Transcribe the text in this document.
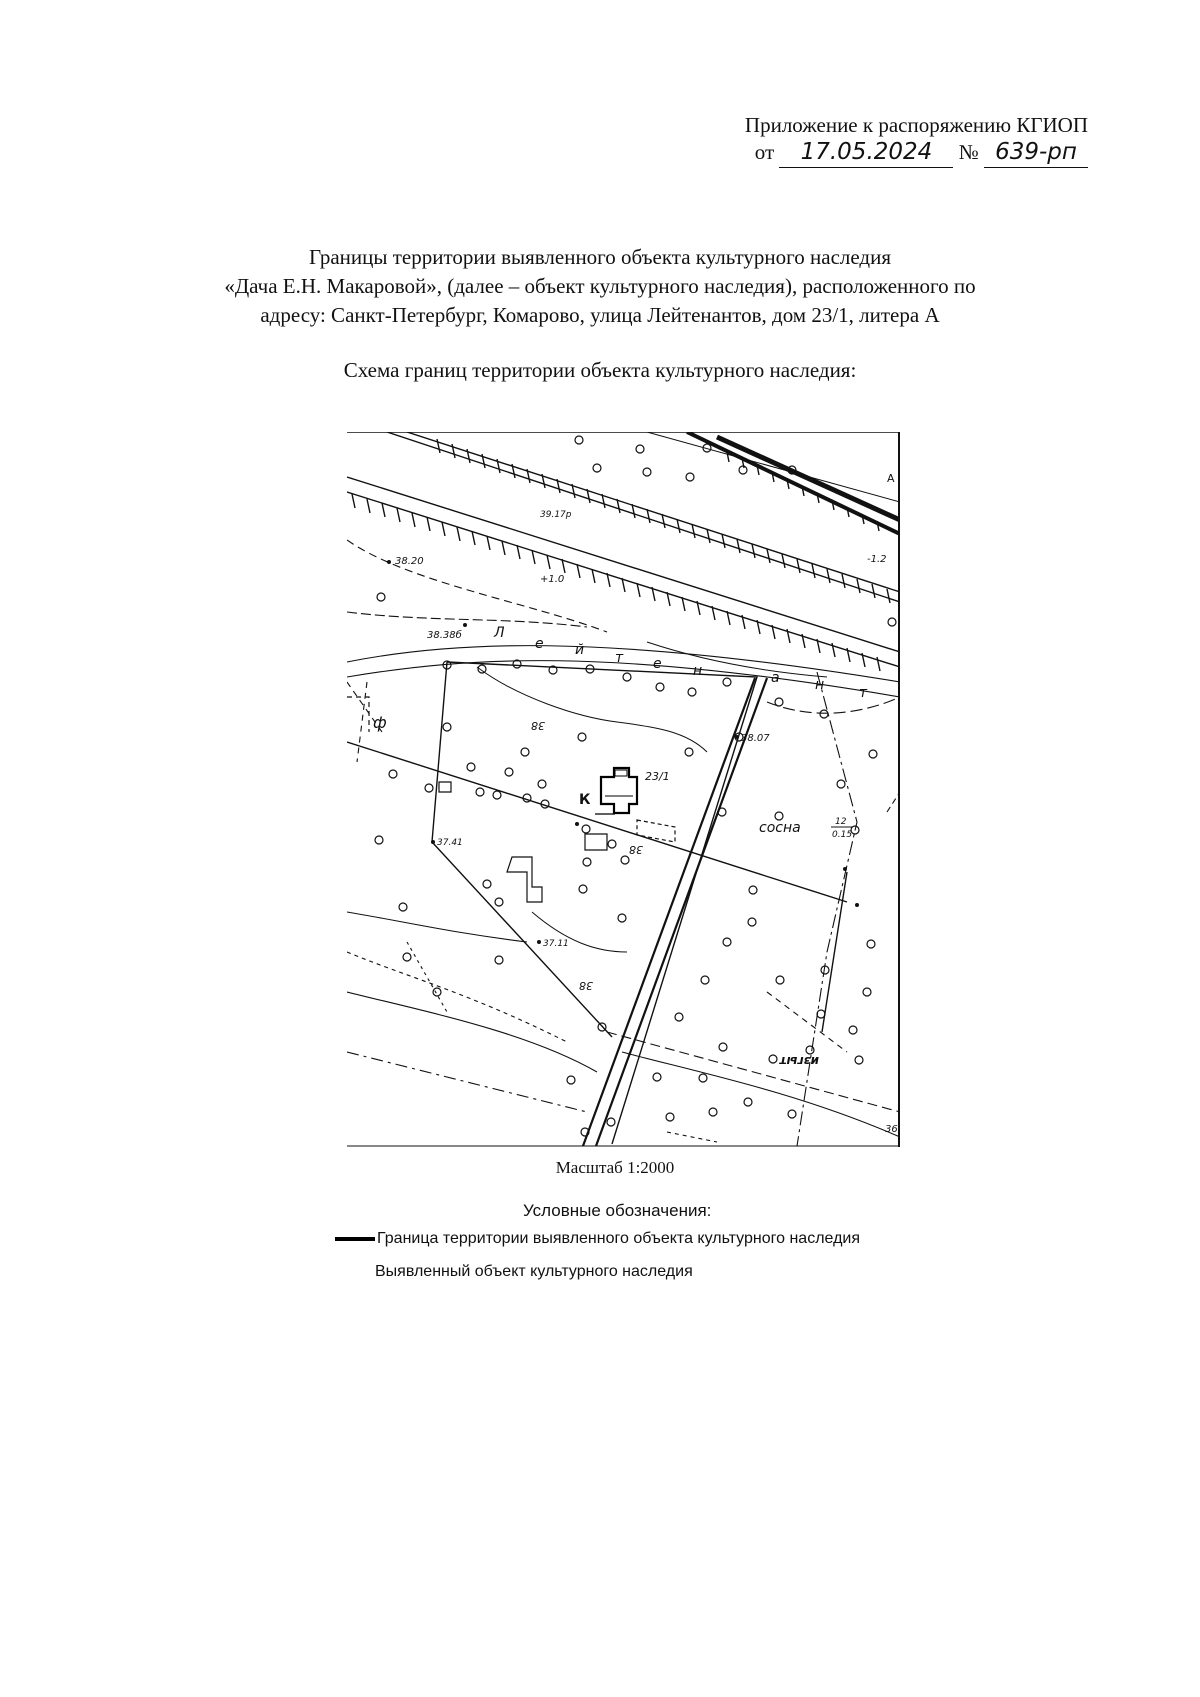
Приложение к распоряжению КГИОП
от 17.05.2024 № 639-рп
Границы территории выявленного объекта культурного наследия
«Дача Е.Н. Макаровой», (далее – объект культурного наследия), расположенного по
адресу: Санкт-Петербург, Комарово, улица Лейтенантов, дом 23/1, литера А
Схема границ территории объекта культурного наследия:
39.17р
38.20
+1.0
38.38б
38.07
37.41
37.11
-1.2
Л
е й т е н	а	н т
23/1
К
ф
А
сосна	12
0.15
38
38
38
36
изгыт
Масштаб 1:2000
Условные обозначения:
Граница территории выявленного объекта культурного наследия
Выявленный объект культурного наследия
